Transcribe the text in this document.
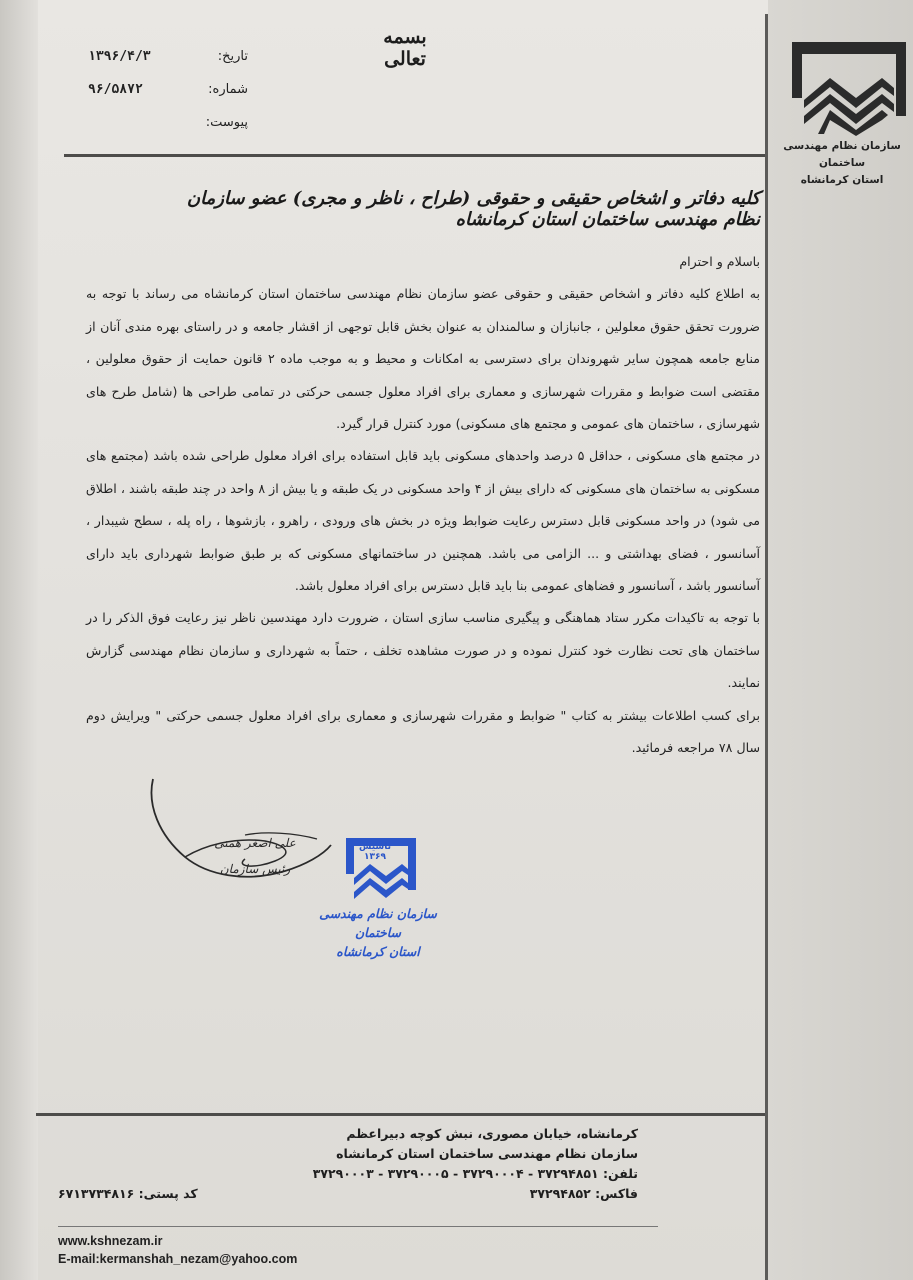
سازمان نظام مهندسی ساختمان
استان کرمانشاه
بسمه تعالی
تاریخ:
۱۳۹۶/۴/۳
شماره:
۹۶/۵۸۷۲
پیوست:
کلیه دفاتر و اشخاص حقیقی و حقوقی (طراح ، ناظر و مجری) عضو سازمان نظام مهندسی ساختمان استان کرمانشاه

باسلام و احترام

به اطلاع کلیه دفاتر و اشخاص حقیقی و حقوقی عضو سازمان نظام مهندسی ساختمان استان کرمانشاه می رساند با توجه به ضرورت تحقق حقوق معلولین ، جانبازان و سالمندان به عنوان بخش قابل توجهی از اقشار جامعه و در راستای بهره مندی آنان از منابع جامعه همچون سایر شهروندان برای دسترسی به امکانات و محیط و به موجب ماده ۲ قانون حمایت از حقوق معلولین ، مقتضی است ضوابط و مقررات شهرسازی و معماری برای افراد معلول جسمی حرکتی در تمامی طراحی ها (شامل طرح های شهرسازی ، ساختمان های عمومی و مجتمع های مسکونی) مورد کنترل قرار گیرد.

در مجتمع های مسکونی ، حداقل ۵ درصد واحدهای مسکونی باید قابل استفاده برای افراد معلول طراحی شده باشد (مجتمع های مسکونی به ساختمان های مسکونی که دارای بیش از ۴ واحد مسکونی در یک طبقه و یا بیش از ۸ واحد در چند طبقه باشند ، اطلاق می شود) در واحد مسکونی قابل دسترس رعایت ضوابط ویژه در بخش های ورودی ، راهرو ، بازشوها ، راه پله ، سطح شیبدار ، آسانسور ، فضای بهداشتی و ... الزامی می باشد. همچنین در ساختمانهای مسکونی که بر طبق ضوابط شهرداری باید دارای آسانسور باشد ، آسانسور و فضاهای عمومی بنا باید قابل دسترس برای افراد معلول باشد.

با توجه به تاکیدات مکرر ستاد هماهنگی و پیگیری مناسب سازی استان ، ضرورت دارد مهندسین ناظر نیز رعایت فوق الذکر را در ساختمان های تحت نظارت خود کنترل نموده و در صورت مشاهده تخلف ، حتماً به شهرداری و سازمان نظام مهندسی گزارش نمایند.

برای کسب اطلاعات بیشتر به کتاب " ضوابط و مقررات شهرسازی و معماری برای افراد معلول جسمی حرکتی " ویرایش دوم سال ۷۸ مراجعه فرمائید.

علی اصغر همتی
رئیس سازمان
تاسیس ۱۳۶۹
سازمان نظام مهندسی ساختمان
استان کرمانشاه
کرمانشاه، خیابان مصوری، نبش کوچه دبیراعظم
سازمان نظام مهندسی ساختمان استان کرمانشاه
تلفن: ۳۷۲۹۴۸۵۱ - ۳۷۲۹۰۰۰۴ - ۳۷۲۹۰۰۰۵ - ۳۷۲۹۰۰۰۳
فاکس: ۳۷۲۹۴۸۵۲
کد پستی: ۶۷۱۳۷۳۴۸۱۶
www.kshnezam.ir
E-mail:kermanshah_nezam@yahoo.com
